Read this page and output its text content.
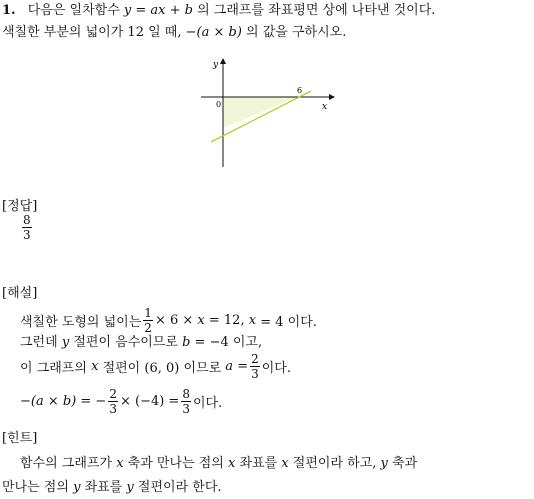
1. 다음은 일차함수 y = ax + b 의 그래프를 좌표평면 상에 나타낸 것이다.
색칠한 부분의 넓이가 12 일 때, −(a × b) 의 값을 구하시오.
y
x
0
6
[정답]
$\frac{8}{3}$
[해설]
색칠한 도형의 넓이는 $\frac{1}{2} \times 6$ ×
x
= 12,
x
= 4 이다.
그런데 y 절편이 음수이므로 b = −4 이고,
이 그래프의
x
절편이 (6, 0) 이므로
a
= $\frac{2}{3}$ 이다.
−(a × b) = − $\frac{2}{3} \times (-4) = \frac{8}{3}$ 이다.
[힌트]
함수의 그래프가 x 축과 만나는 점의 x 좌표를 x 절편이라 하고, y 축과
만나는 점의 y 좌표를 y 절편이라 한다.
